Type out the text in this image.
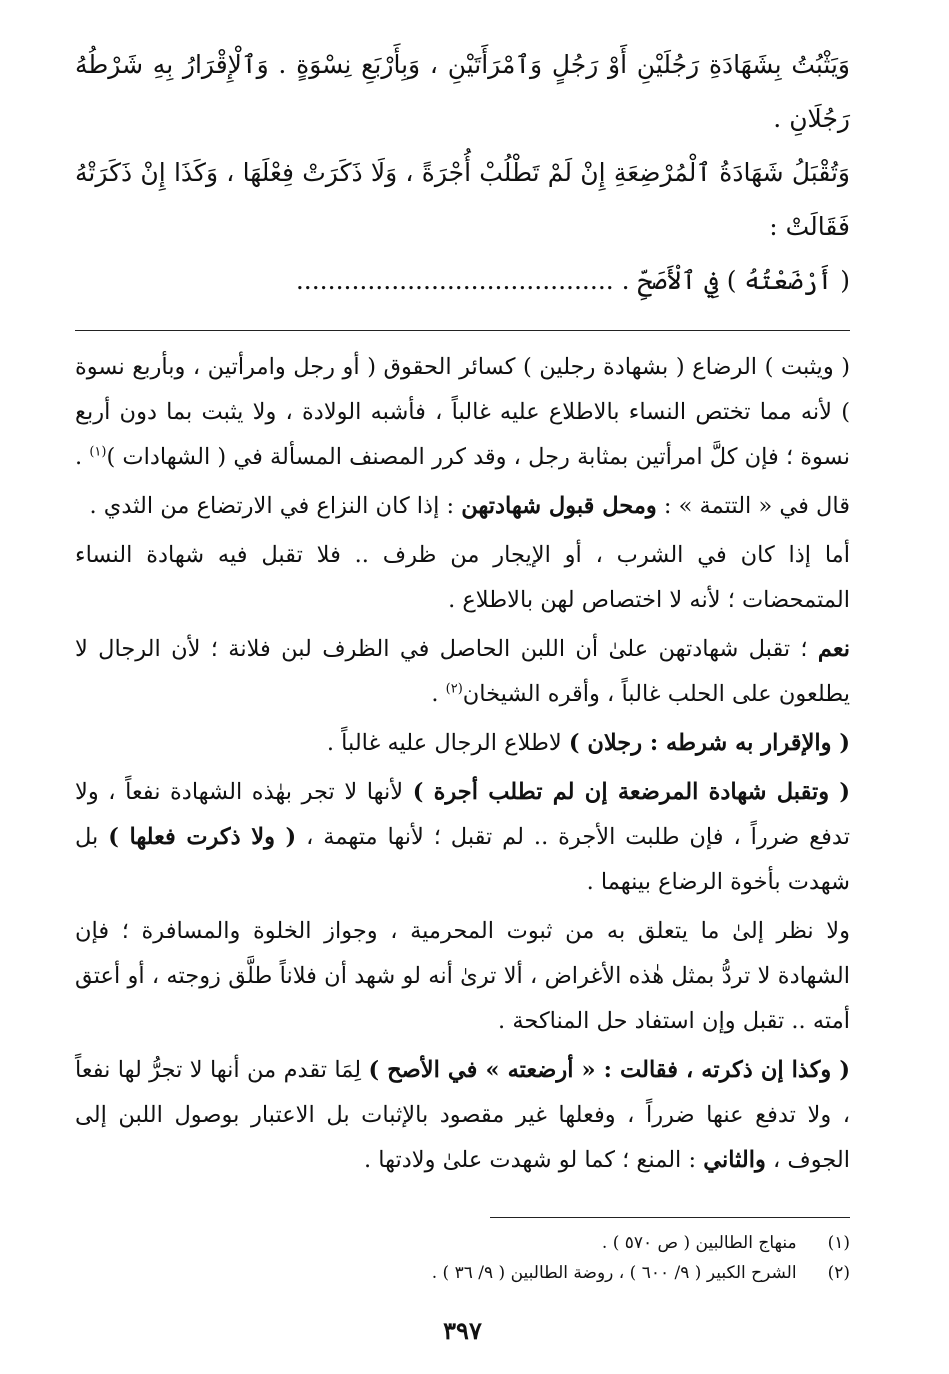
وَيَثْبُتُ بِشَهَادَةِ رَجُلَيْنِ أَوْ رَجُلٍ وَٱمْرَأَتَيْنِ ، وَبِأَرْبَعِ نِسْوَةٍ . وَٱلْإِقْرَارُ بِهِ شَرْطُهُ رَجُلَانِ .

وَتُقْبَلُ شَهَادَةُ ٱلْمُرْضِعَةِ إِنْ لَمْ تَطْلُبْ أُجْرَةً ، وَلَا ذَكَرَتْ فِعْلَهَا ، وَكَذَا إِنْ ذَكَرَتْهُ فَقَالَتْ :

( أَرْضَعْتُهُ ) فِي ٱلْأَصَحِّ . ........................................

( ويثبت ) الرضاع ( بشهادة رجلين ) كسائر الحقوق ( أو رجل وامرأتين ، وبأربع نسوة ) لأنه مما تختص النساء بالاطلاع عليه غالباً ، فأشبه الولادة ، ولا يثبت بما دون أربع نسوة ؛ فإن كلَّ امرأتين بمثابة رجل ، وقد كرر المصنف المسألة في ( الشهادات )$^{(١)}$ .

قال في « التتمة » : ومحل قبول شهادتهن : إذا كان النزاع في الارتضاع من الثدي .

أما إذا كان في الشرب ، أو الإيجار من ظرف .. فلا تقبل فيه شهادة النساء المتمحضات ؛ لأنه لا اختصاص لهن بالاطلاع .

نعم ؛ تقبل شهادتهن علىٰ أن اللبن الحاصل في الظرف لبن فلانة ؛ لأن الرجال لا يطلعون على الحلب غالباً ، وأقره الشيخان$^{(٢)}$ .

( والإقرار به شرطه : رجلان ) لاطلاع الرجال عليه غالباً .

( وتقبل شهادة المرضعة إن لم تطلب أجرة ) لأنها لا تجر بهٰذه الشهادة نفعاً ، ولا تدفع ضرراً ، فإن طلبت الأجرة .. لم تقبل ؛ لأنها متهمة ، ( ولا ذكرت فعلها ) بل شهدت بأخوة الرضاع بينهما .

ولا نظر إلىٰ ما يتعلق به من ثبوت المحرمية ، وجواز الخلوة والمسافرة ؛ فإن الشهادة لا تردُّ بمثل هٰذه الأغراض ، ألا ترىٰ أنه لو شهد أن فلاناً طلَّق زوجته ، أو أعتق أمته .. تقبل وإن استفاد حل المناكحة .

( وكذا إن ذكرته ، فقالت : « أرضعته » في الأصح ) لِمَا تقدم من أنها لا تجرُّ لها نفعاً ، ولا تدفع عنها ضرراً ، وفعلها غير مقصود بالإثبات بل الاعتبار بوصول اللبن إلى الجوف ، والثاني : المنع ؛ كما لو شهدت علىٰ ولادتها .

(١) منهاج الطالبين ( ص ٥٧٠ ) .
(٢) الشرح الكبير ( ٩/ ٦٠٠ ) ، روضة الطالبين ( ٩/ ٣٦ ) .
٣٩٧
